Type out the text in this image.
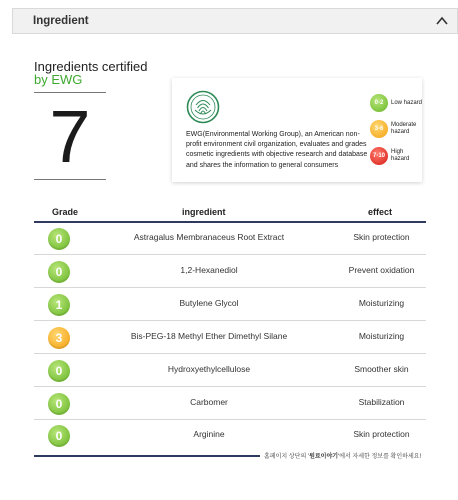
Ingredient
Ingredients certified
by EWG
7	EWG(Environmental Working Group), an American non-profit environment civil organization, evaluates and grades cosmetic ingredients with objective research and database and shares the information to general consumers
0-2	Low hazard
3-6
Moderate hazard
7-10
High hazard
Grade	ingredient	effect
0	Astragalus Membranaceus Root Extract	Skin protection
0	1,2-Hexanediol	Prevent oxidation
1	Butylene Glycol	Moisturizing
3	Bis-PEG-18 Methyl Ether Dimethyl Silane	Moisturizing
0	Hydroxyethylcellulose	Smoother skin
0	Carbomer	Stabilization
0	Arginine	Skin protection
홈페이지 상단의 '원료이야기'에서 자세한 정보를 확인하세요!
